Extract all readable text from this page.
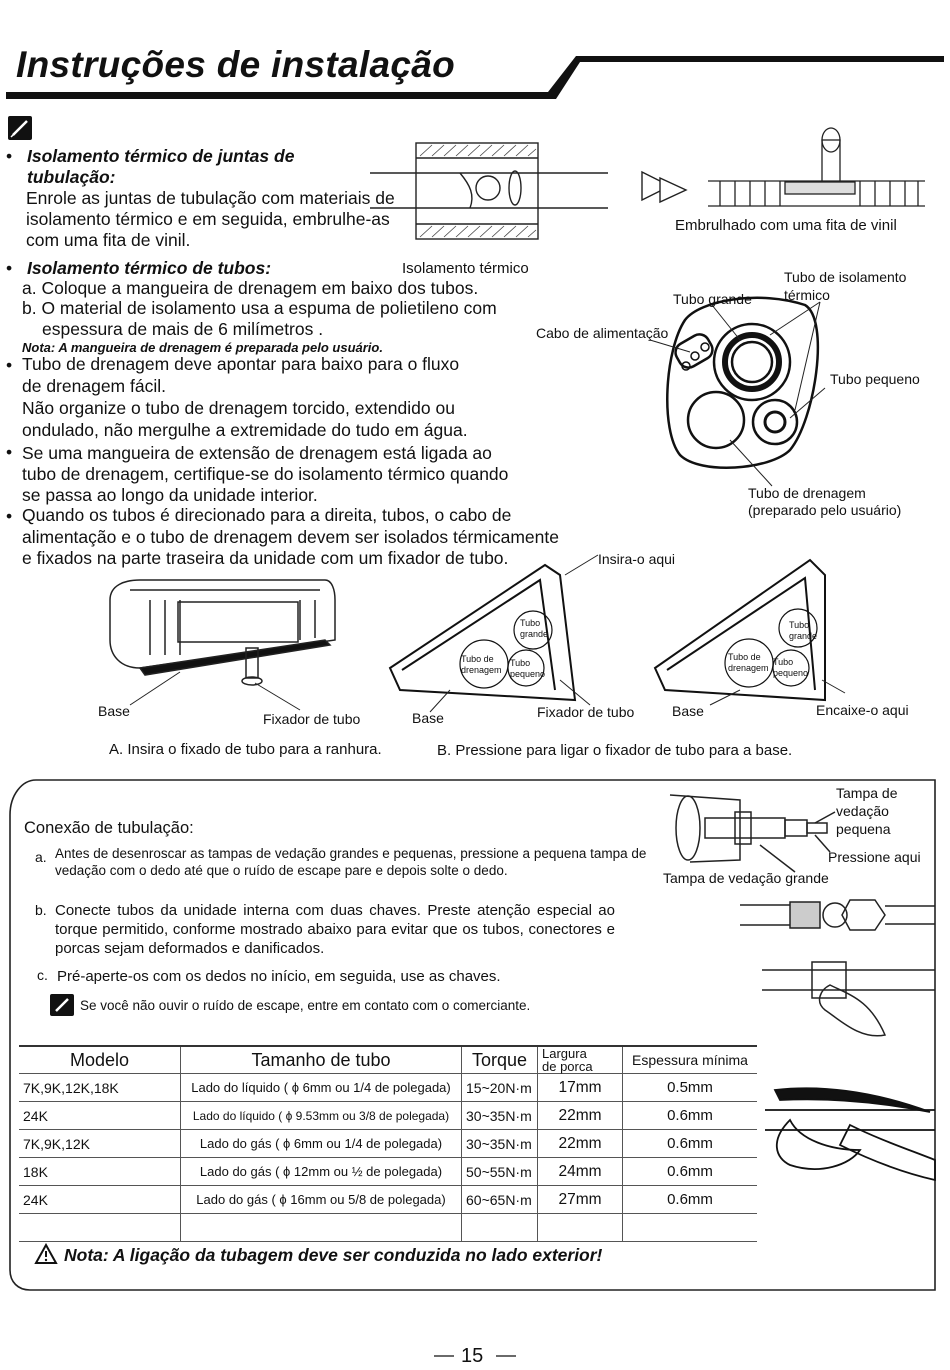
Instruções de instalação
• Isolamento térmico de juntas de tubulação:
Enrole as juntas de tubulação com materiais de isolamento térmico e em seguida, embrulhe-as com uma fita de vinil.
Embrulhado com uma fita de vinil
• Isolamento térmico de tubos:	Isolamento térmico
a. Coloque a mangueira de drenagem em baixo dos tubos.
b. O material de isolamento usa a espuma de polietileno com
espessura de mais de 6 milímetros .
Nota: A mangueira de drenagem é preparada pelo usuário.
• Tubo de drenagem deve apontar para baixo para o fluxo
de drenagem fácil.
Não organize o tubo de drenagem torcido, extendido ou
ondulado, não mergulhe a extremidade do tudo em água.
• Se uma mangueira de extensão de drenagem está ligada ao
tubo de drenagem, certifique-se do isolamento térmico quando
se passa ao longo da unidade interior.
• Quando os tubos é direcionado para a direita, tubos, o cabo de
alimentação e o tubo de drenagem devem ser isolados térmicamente
e fixados na parte traseira da unidade com um fixador de tubo.
Tubo grande
Tubo de isolamento térmico
Cabo de alimentação
Tubo pequeno
Tubo de drenagem
(preparado pelo usuário)
Insira-o aqui
Base	Fixador de tubo	Base	Fixador de tubo	Base	Encaixe-o aqui
Tubo
grande
Tubo de
drenagem
Tubo
pequeno
Tubo
grande
Tubo de
drenagem
Tubo
pequeno
A. Insira o fixado de tubo para a ranhura.	B. Pressione para ligar o fixador de tubo para a base.
Conexão de tubulação:
a. Antes de desenroscar as tampas de vedação grandes e pequenas, pressione a pequena tampa de vedação com o dedo até que o ruído de escape pare e depois solte o dedo.
b. Conecte tubos da unidade interna com duas chaves. Preste atenção especial ao torque permitido, conforme mostrado abaixo para evitar que os tubos, conectores e porcas sejam deformados e danificados.
c. Pré-aperte-os com os dedos no início, em seguida, use as chaves.
Se você não ouvir o ruído de escape, entre em contato com o comerciante.
Tampa de
vedação
pequena
Pressione aqui
Tampa de vedação grande
Modelo	Tamanho de tubo	Torque	Largura
de porca	Espessura mínima
7K,9K,12K,18K	Lado do líquido ( ϕ 6mm ou 1/4 de polegada)	15~20N·m	17mm	0.5mm
24K	Lado do líquido ( ϕ 9.53mm ou 3/8 de polegada)	30~35N·m	22mm	0.6mm
7K,9K,12K	Lado do gás ( ϕ 6mm ou 1/4 de polegada)	30~35N·m	22mm	0.6mm
18K	Lado do gás ( ϕ 12mm ou ½ de polegada)	50~55N·m	24mm	0.6mm
24K	Lado do gás ( ϕ 16mm ou 5/8 de polegada)	60~65N·m	27mm	0.6mm

Nota: A ligação da tubagem deve ser conduzida no lado exterior!
15
